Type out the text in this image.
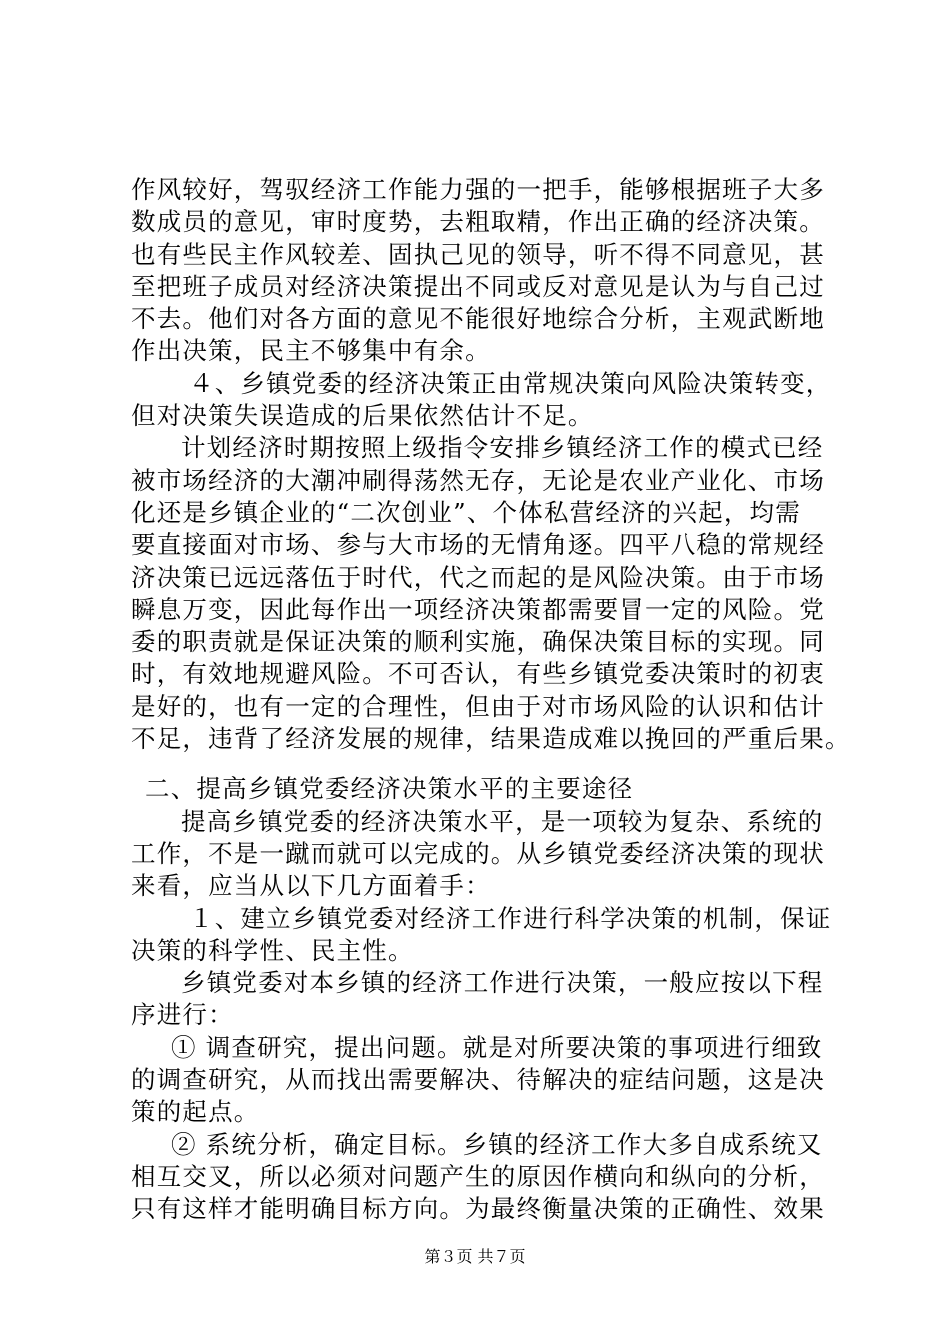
作风较好，驾驭经济工作能力强的一把手，能够根据班子大多
数成员的意见，审时度势，去粗取精，作出正确的经济决策。
也有些民主作风较差、固执己见的领导，听不得不同意见，甚
至把班子成员对经济决策提出不同或反对意见是认为与自己过
不去。他们对各方面的意见不能很好地综合分析，主观武断地
作出决策，民主不够集中有余。
４、乡镇党委的经济决策正由常规决策向风险决策转变，
但对决策失误造成的后果依然估计不足。
计划经济时期按照上级指令安排乡镇经济工作的模式已经
被市场经济的大潮冲刷得荡然无存，无论是农业产业化、市场
化还是乡镇企业的“二次创业”、个体私营经济的兴起，均需
要直接面对市场、参与大市场的无情角逐。四平八稳的常规经
济决策已远远落伍于时代，代之而起的是风险决策。由于市场
瞬息万变，因此每作出一项经济决策都需要冒一定的风险。党
委的职责就是保证决策的顺利实施，确保决策目标的实现。同
时，有效地规避风险。不可否认，有些乡镇党委决策时的初衷
是好的，也有一定的合理性，但由于对市场风险的认识和估计
不足，违背了经济发展的规律，结果造成难以挽回的严重后果。
二、提高乡镇党委经济决策水平的主要途径
提高乡镇党委的经济决策水平，是一项较为复杂、系统的
工作，不是一蹴而就可以完成的。从乡镇党委经济决策的现状
来看，应当从以下几方面着手：
１、建立乡镇党委对经济工作进行科学决策的机制，保证
决策的科学性、民主性。
乡镇党委对本乡镇的经济工作进行决策，一般应按以下程
序进行：
① 调查研究，提出问题。就是对所要决策的事项进行细致
的调查研究，从而找出需要解决、待解决的症结问题，这是决
策的起点。
② 系统分析，确定目标。乡镇的经济工作大多自成系统又
相互交叉，所以必须对问题产生的原因作横向和纵向的分析，
只有这样才能明确目标方向。为最终衡量决策的正确性、效果
第３页 共７页
